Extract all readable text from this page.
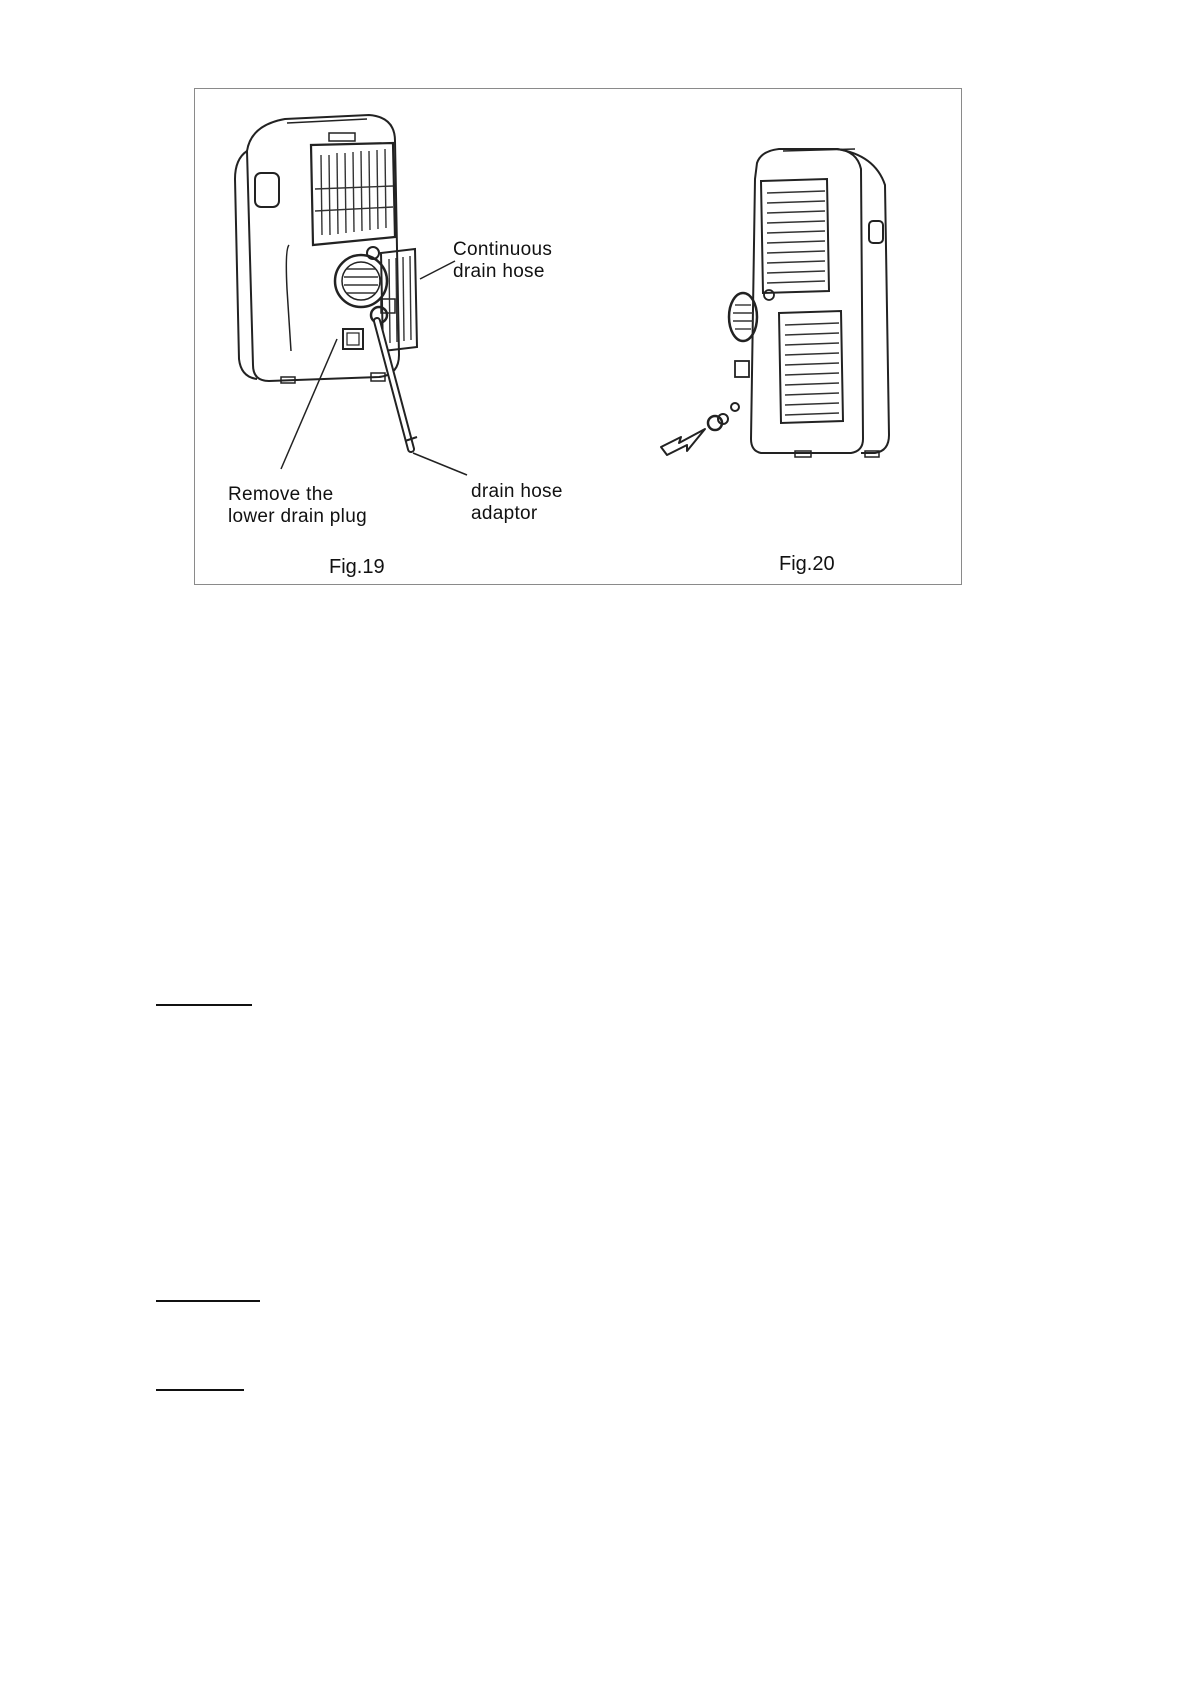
Continuous
drain hose
Remove the
lower drain plug
drain hose
adaptor
Fig.19	Fig.20
